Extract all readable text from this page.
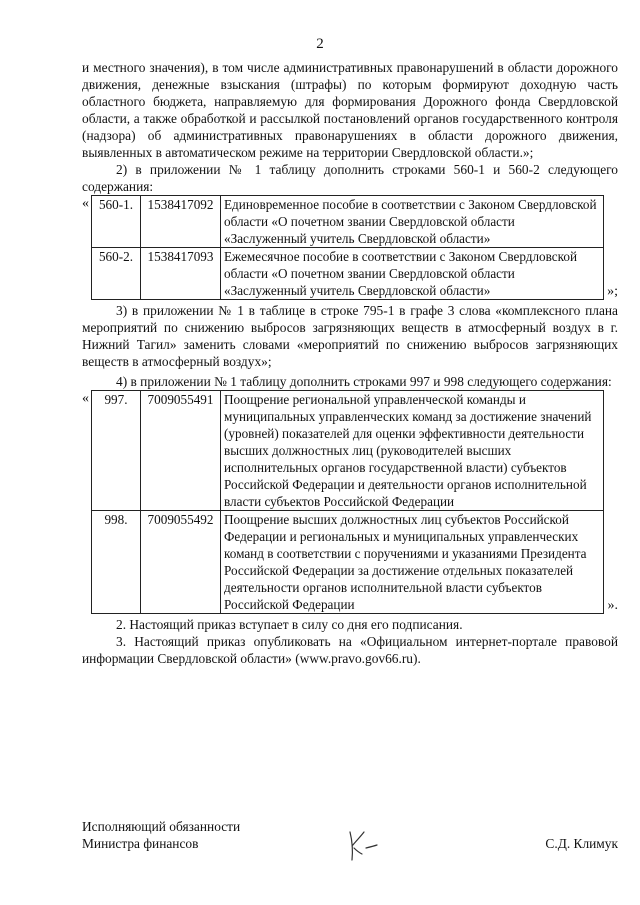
2

и местного значения), в том числе административных правонарушений в области дорожного движения, денежные взыскания (штрафы) по которым формируют доходную часть областного бюджета, направляемую для формирования Дорожного фонда Свердловской области, а также обработкой и рассылкой постановлений органов государственного контроля (надзора) об административных правонарушениях в области дорожного движения, выявленных в автоматическом режиме на территории Свердловской области.»;

2) в приложении № 1 таблицу дополнить строками 560-1 и 560-2 следующего содержания:

« 560-1.	1538417092	Единовременное пособие в соответствии с Законом Свердловской области «О почетном звании Свердловской области «Заслуженный учитель Свердловской области»
560-2.	1538417093	Ежемесячное пособие в соответствии с Законом Свердловской области «О почетном звании Свердловской области «Заслуженный учитель Свердловской области»	»;

3) в приложении № 1 в таблице в строке 795-1 в графе 3 слова «комплексного плана мероприятий по снижению выбросов загрязняющих веществ в атмосферный воздух в г. Нижний Тагил» заменить словами «мероприятий по снижению выбросов загрязняющих веществ в атмосферный воздух»;

4) в приложении № 1 таблицу дополнить строками 997 и 998 следующего содержания:

« 997.	7009055491	Поощрение региональной управленческой команды и муниципальных управленческих команд за достижение значений (уровней) показателей для оценки эффективности деятельности высших должностных лиц (руководителей высших исполнительных органов государственной власти) субъектов Российской Федерации и деятельности органов исполнительной власти субъектов Российской Федерации
998.	7009055492	Поощрение высших должностных лиц субъектов Российской Федерации и региональных и муниципальных управленческих команд в соответствии с поручениями и указаниями Президента Российской Федерации за достижение отдельных показателей деятельности органов исполнительной власти субъектов Российской Федерации	».

2. Настоящий приказ вступает в силу со дня его подписания.

3. Настоящий приказ опубликовать на «Официальном интернет-портале правовой информации Свердловской области» (www.pravo.gov66.ru).

Исполняющий обязанности
Министра финансов	С.Д. Климук
